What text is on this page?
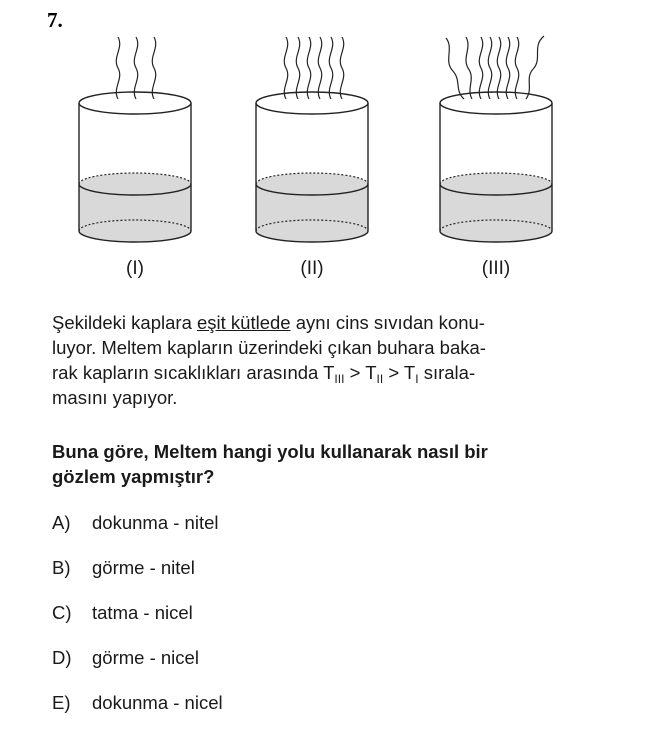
7.
(I)	(II)	(III)

Şekildeki kaplara eşit kütlede aynı cins sıvıdan konu-

luyor. Meltem kapların üzerindeki çıkan buhara baka-

rak kapların sıcaklıkları arasında $T_{III} > T_{II} > T_I$ sırala-

masını yapıyor.

Buna göre, Meltem hangi yolu kullanarak nasıl bir

gözlem yapmıştır?

A) dokunma - nitel
B) görme - nitel
C) tatma - nicel
D) görme - nicel
E) dokunma - nicel
